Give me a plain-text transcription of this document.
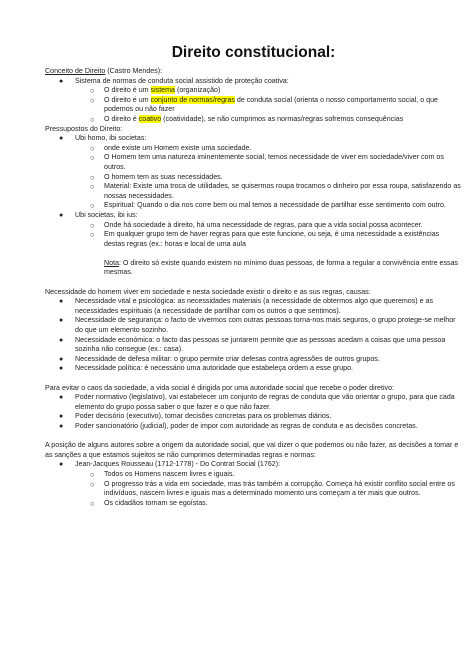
Direito constitucional:
Conceito de Direito (Castro Mendes):
● Sistema de normas de conduta social assistido de proteção coativa:
○ O direito é um sistema (organização)
○ O direito é um conjunto de normas/regras de conduta social (orienta o nosso comportamento social, o que podemos ou não fazer
○ O direito é coativo (coatividade), se não cumprimos as normas/regras sofremos consequências
Pressupostos do Direito:
● Ubi homo, ibi societas:
○ onde existe um Homem existe uma sociedade.
○ O Homem tem uma natureza iminentemente social, temos necessidade de viver em sociedade/viver com os outros.
○ O homem tem as suas necessidades.
○ Material: Existe uma troca de utilidades, se quisermos roupa trocamos o dinheiro por essa roupa, satisfazendo as nossas necessidades.
○ Espiritual: Quando o dia nos corre bem ou mal temos a necessidade de partilhar esse sentimento com outro.
● Ubi societas, ibi ius:
○ Onde há sociedade à direito, há uma necessidade de regras, para que a vida social possa acontecer.
○ Em qualquer grupo tem de haver regras para que este funcione, ou seja, é uma necessidade a existências destas regras (ex.: horas e local de uma aula
Nota: O direito só existe quando existem no mínimo duas pessoas, de forma a regular a convivência entre essas mesmas.
Necessidade do homem viver em sociedade e nesta sociedade existir o direito e as sus regras, causas:
● Necessidade vital e psicológica: as necessidades materiais (a necessidade de obtermos algo que queremos) e as necessidades espirituais (a necessidade de partilhar com os outros o que sentimos).
● Necessidade de segurança: o facto de vivermos com outras pessoas torna-nos mais seguros, o grupo protege-se melhor do que um elemento sozinho.
● Necessidade económica: o facto das pessoas se juntarem permite que as pessoas acedam a coisas que uma pessoa sozinha não consegue (ex.: casa).
● Necessidade de defesa militar: o grupo permite criar defesas contra agressões de outros grupos.
● Necessidade política: é necessário uma autoridade que estabeleça ordem a esse grupo.
Para evitar o caos da sociedade, a vida social é dirigida por uma autoridade social que recebe o poder diretivo:
● Poder normativo (legislativo), vai estabelecer um conjunto de regras de conduta que vão orientar o grupo, para que cada elemento do grupo possa saber o que fazer e o que não fazer.
● Poder decisório (executivo), tomar decisões concretas para os problemas diários.
● Poder sancionatório (judicial), poder de impor com autoridade as regras de conduta e as decisões concretas.
A posição de alguns autores sobre a origem da autoridade social, que vai dizer o que podemos ou não fazer, as decisões a tomar e as sanções a que estamos sujeitos se não cumprimos determinadas regras e normas:
● Jean-Jacques Rousseau (1712-1778) - Do Contrat Social (1762):
○ Todos os Homens nascem livres e iguais.
○ O progresso trás a vida em sociedade, mas trás também a corrupção. Começa há existir conflito social entre os indivíduos, nascem livres e iguais mas a determinado momento uns começam a ter mais que outros.
○ Os cidadãos tornam se egoístas.
